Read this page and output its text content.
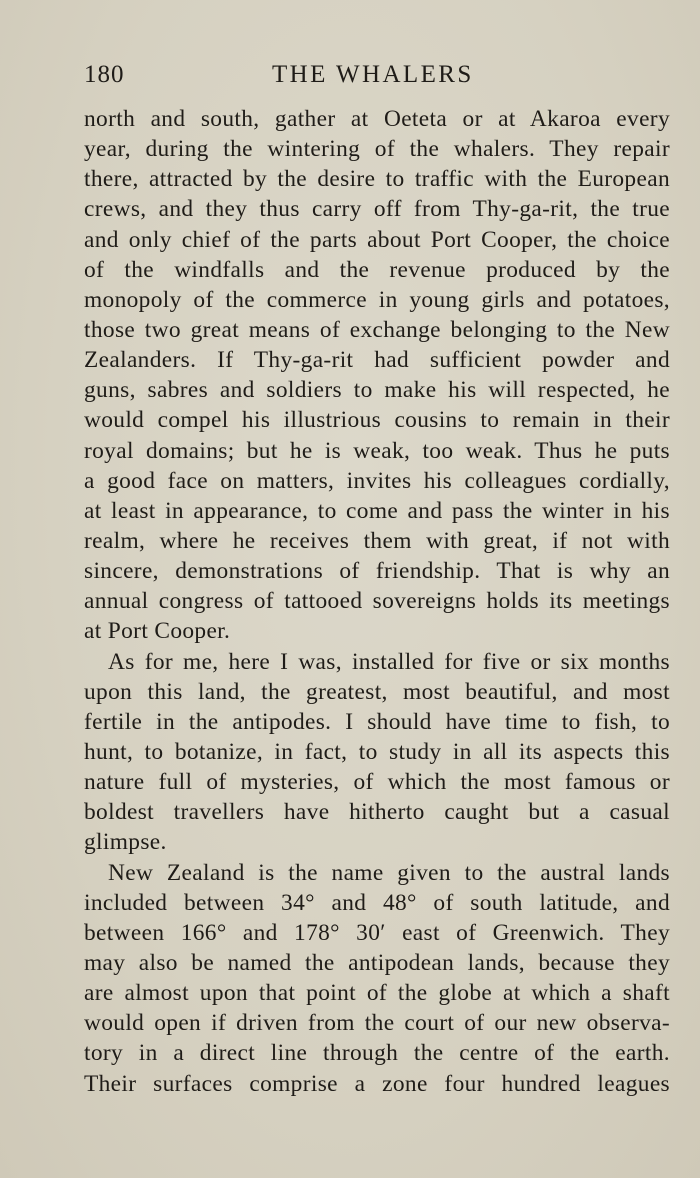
180	THE WHALERS
north and south, gather at Oeteta or at Akaroa every
year, during the wintering of the whalers. They repair
there, attracted by the desire to traffic with the European
crews, and they thus carry off from Thy-ga-rit, the true
and only chief of the parts about Port Cooper, the choice
of the windfalls and the revenue produced by the
monopoly of the commerce in young girls and potatoes,
those two great means of exchange belonging to the New
Zealanders. If Thy-ga-rit had sufficient powder and
guns, sabres and soldiers to make his will respected, he
would compel his illustrious cousins to remain in their
royal domains; but he is weak, too weak. Thus he puts
a good face on matters, invites his colleagues cordially,
at least in appearance, to come and pass the winter in his
realm, where he receives them with great, if not with
sincere, demonstrations of friendship. That is why an
annual congress of tattooed sovereigns holds its meetings
at Port Cooper.
As for me, here I was, installed for five or six months
upon this land, the greatest, most beautiful, and most
fertile in the antipodes. I should have time to fish, to
hunt, to botanize, in fact, to study in all its aspects this
nature full of mysteries, of which the most famous or
boldest travellers have hitherto caught but a casual
glimpse.
New Zealand is the name given to the austral lands
included between 34° and 48° of south latitude, and
between 166° and 178° 30′ east of Greenwich. They
may also be named the antipodean lands, because they
are almost upon that point of the globe at which a shaft
would open if driven from the court of our new observa-
tory in a direct line through the centre of the earth.
Their surfaces comprise a zone four hundred leagues
